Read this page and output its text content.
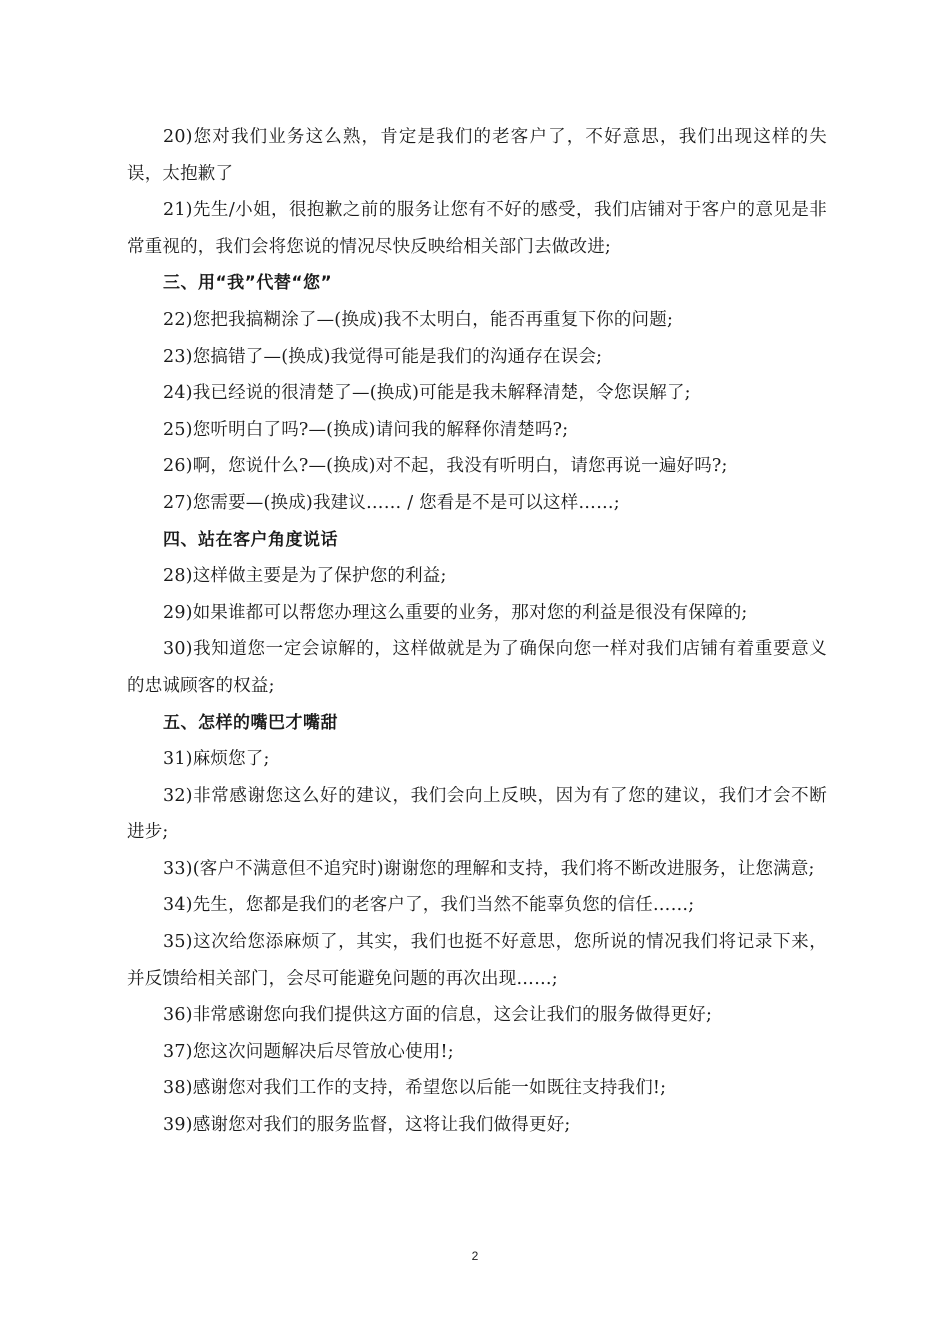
20)您对我们业务这么熟，肯定是我们的老客户了，不好意思，我们出现这样的失误，太抱歉了

21)先生/小姐，很抱歉之前的服务让您有不好的感受，我们店铺对于客户的意见是非常重视的，我们会将您说的情况尽快反映给相关部门去做改进;

三、用“我”代替“您”

22)您把我搞糊涂了—(换成)我不太明白，能否再重复下你的问题;

23)您搞错了—(换成)我觉得可能是我们的沟通存在误会;

24)我已经说的很清楚了—(换成)可能是我未解释清楚，令您误解了;

25)您听明白了吗?—(换成)请问我的解释你清楚吗?;

26)啊，您说什么?—(换成)对不起，我没有听明白，请您再说一遍好吗?;

27)您需要—(换成)我建议…… / 您看是不是可以这样……;

四、站在客户角度说话

28)这样做主要是为了保护您的利益;

29)如果谁都可以帮您办理这么重要的业务，那对您的利益是很没有保障的;

30)我知道您一定会谅解的，这样做就是为了确保向您一样对我们店铺有着重要意义的忠诚顾客的权益;

五、怎样的嘴巴才嘴甜

31)麻烦您了;

32)非常感谢您这么好的建议，我们会向上反映，因为有了您的建议，我们才会不断进步;

33)(客户不满意但不追究时)谢谢您的理解和支持，我们将不断改进服务，让您满意;

34)先生，您都是我们的老客户了，我们当然不能辜负您的信任……;

35)这次给您添麻烦了，其实，我们也挺不好意思，您所说的情况我们将记录下来，并反馈给相关部门，会尽可能避免问题的再次出现……;

36)非常感谢您向我们提供这方面的信息，这会让我们的服务做得更好;

37)您这次问题解决后尽管放心使用!;

38)感谢您对我们工作的支持，希望您以后能一如既往支持我们!;

39)感谢您对我们的服务监督，这将让我们做得更好;

2
